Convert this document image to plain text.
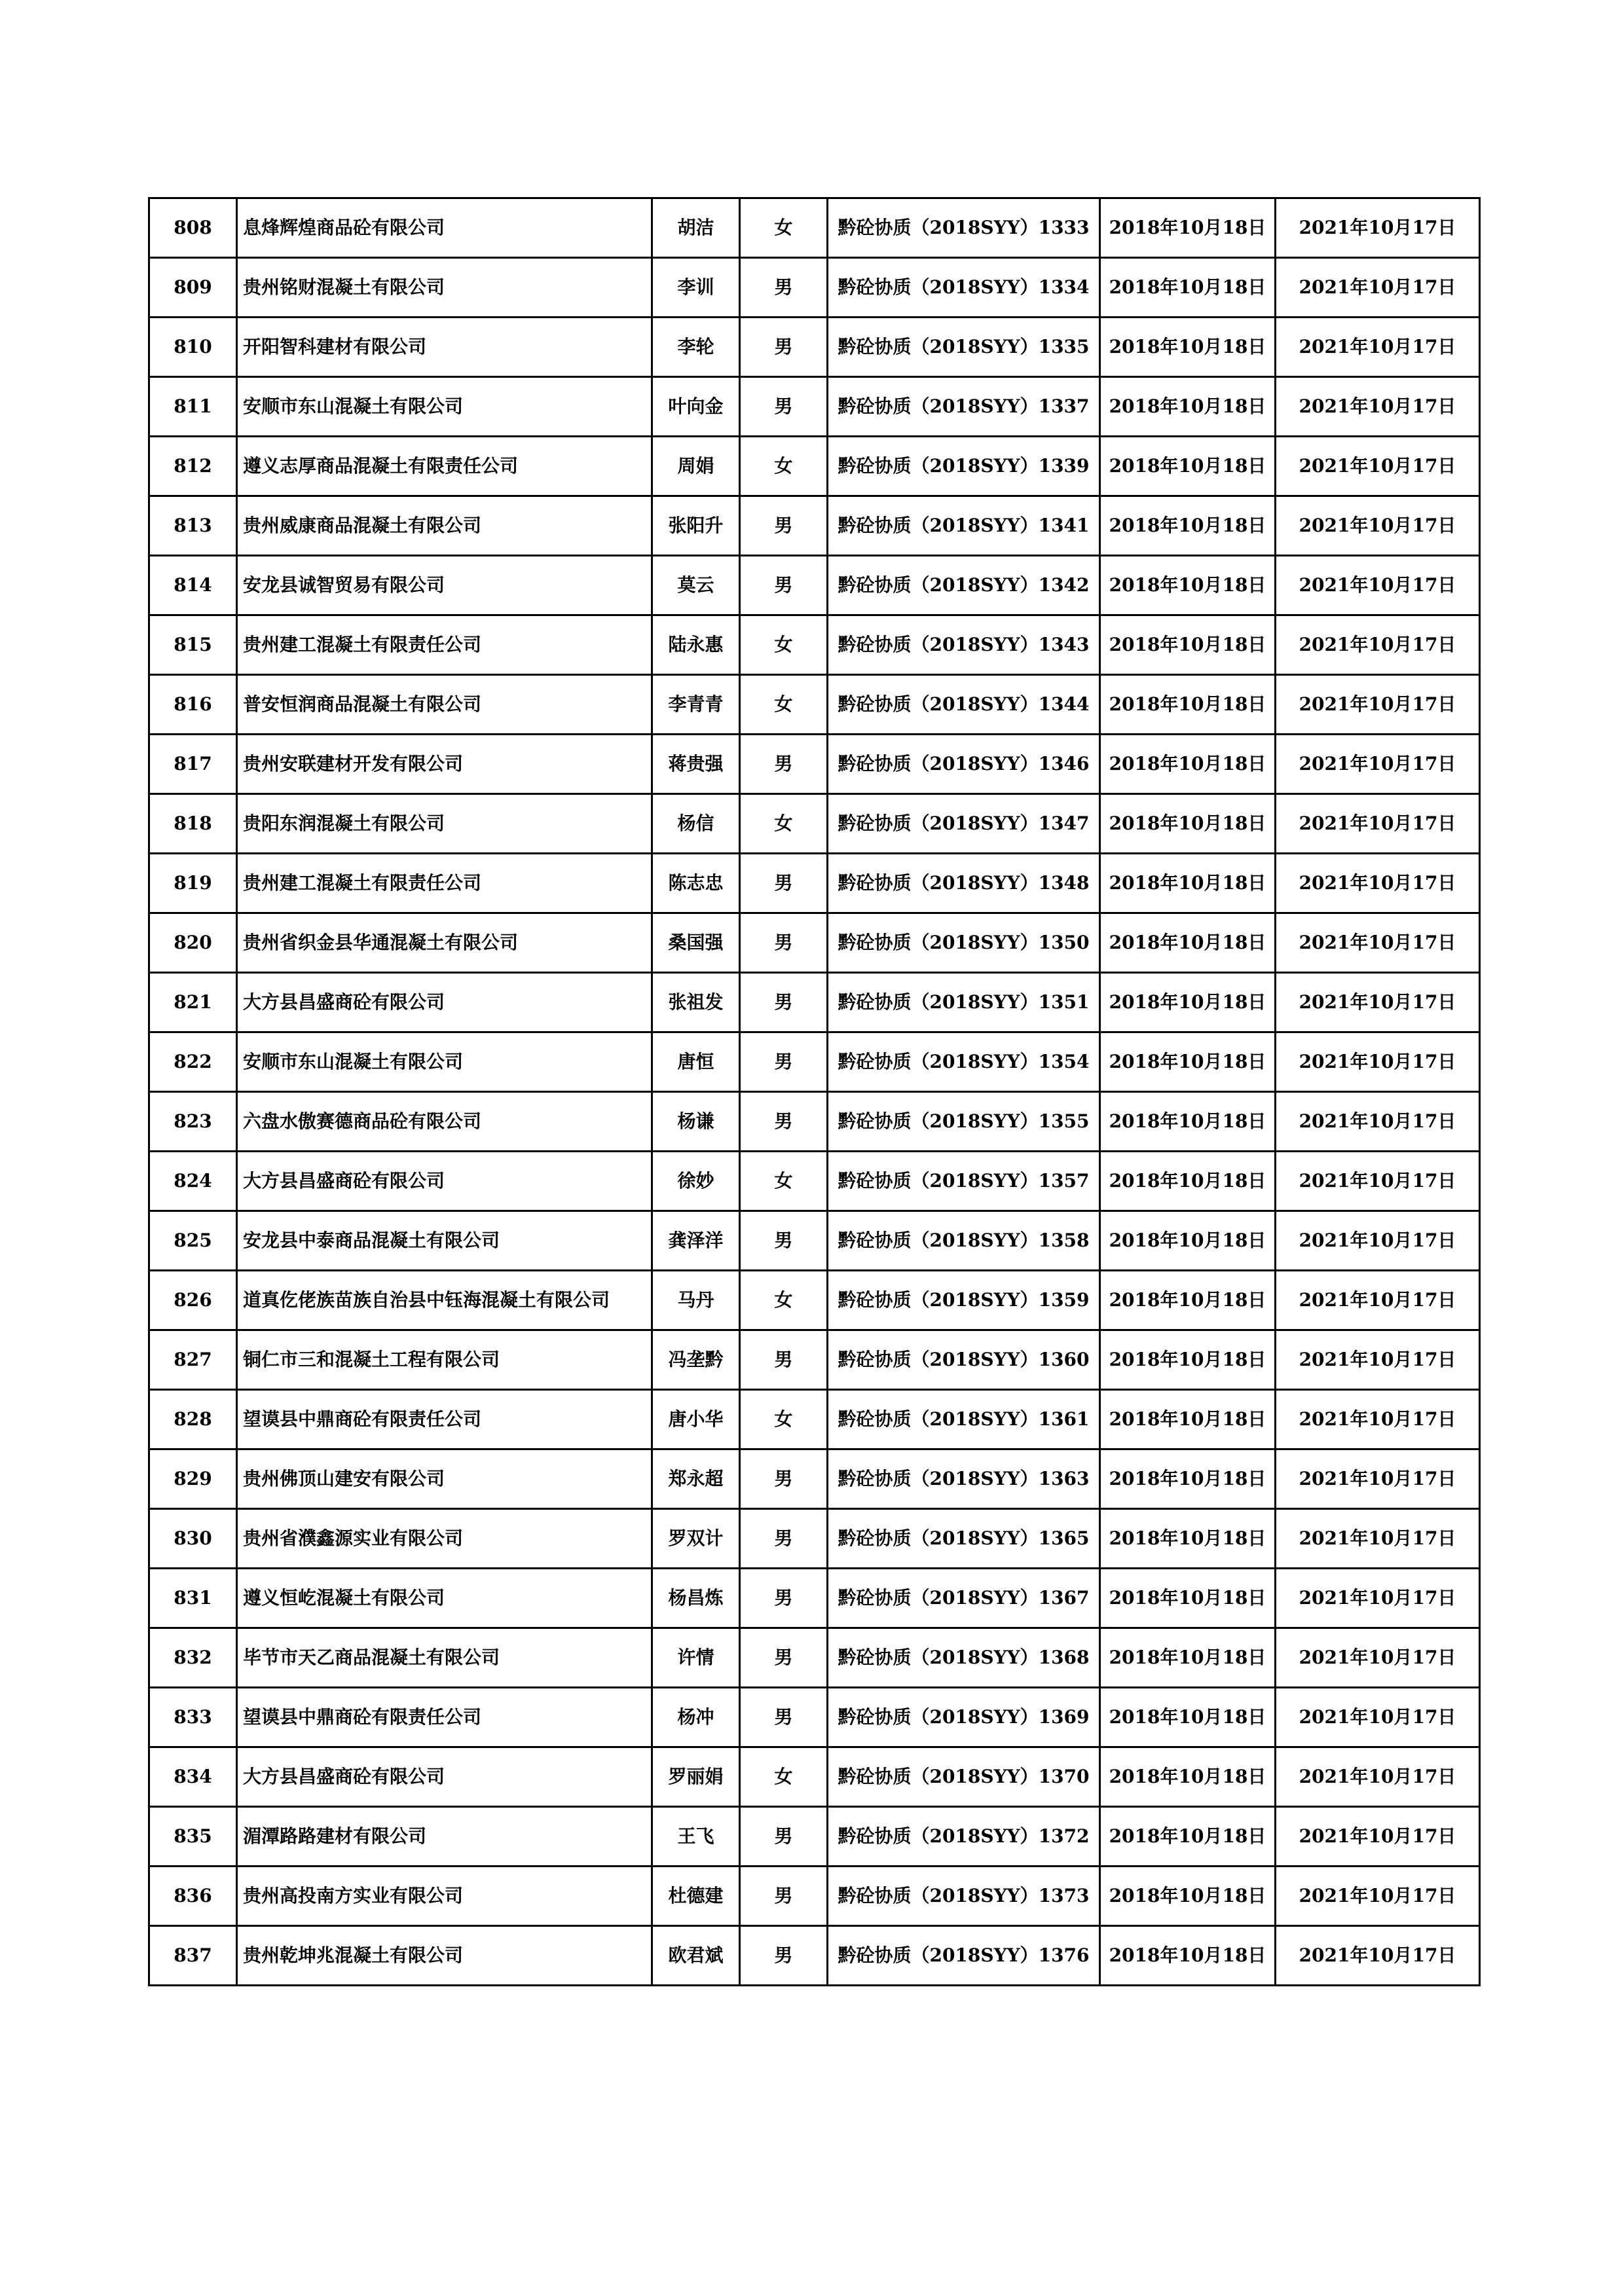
808	息烽辉煌商品砼有限公司	胡洁	女	黔砼协质（2018SYY）1333	2018年10月18日	2021年10月17日
809	贵州铭财混凝土有限公司	李训	男	黔砼协质（2018SYY）1334	2018年10月18日	2021年10月17日
810	开阳智科建材有限公司	李轮	男	黔砼协质（2018SYY）1335	2018年10月18日	2021年10月17日
811	安顺市东山混凝土有限公司	叶向金	男	黔砼协质（2018SYY）1337	2018年10月18日	2021年10月17日
812	遵义志厚商品混凝土有限责任公司	周娟	女	黔砼协质（2018SYY）1339	2018年10月18日	2021年10月17日
813	贵州威康商品混凝土有限公司	张阳升	男	黔砼协质（2018SYY）1341	2018年10月18日	2021年10月17日
814	安龙县诚智贸易有限公司	莫云	男	黔砼协质（2018SYY）1342	2018年10月18日	2021年10月17日
815	贵州建工混凝土有限责任公司	陆永惠	女	黔砼协质（2018SYY）1343	2018年10月18日	2021年10月17日
816	普安恒润商品混凝土有限公司	李青青	女	黔砼协质（2018SYY）1344	2018年10月18日	2021年10月17日
817	贵州安联建材开发有限公司	蒋贵强	男	黔砼协质（2018SYY）1346	2018年10月18日	2021年10月17日
818	贵阳东润混凝土有限公司	杨信	女	黔砼协质（2018SYY）1347	2018年10月18日	2021年10月17日
819	贵州建工混凝土有限责任公司	陈志忠	男	黔砼协质（2018SYY）1348	2018年10月18日	2021年10月17日
820	贵州省织金县华通混凝土有限公司	桑国强	男	黔砼协质（2018SYY）1350	2018年10月18日	2021年10月17日
821	大方县昌盛商砼有限公司	张祖发	男	黔砼协质（2018SYY）1351	2018年10月18日	2021年10月17日
822	安顺市东山混凝土有限公司	唐恒	男	黔砼协质（2018SYY）1354	2018年10月18日	2021年10月17日
823	六盘水傲赛德商品砼有限公司	杨谦	男	黔砼协质（2018SYY）1355	2018年10月18日	2021年10月17日
824	大方县昌盛商砼有限公司	徐妙	女	黔砼协质（2018SYY）1357	2018年10月18日	2021年10月17日
825	安龙县中泰商品混凝土有限公司	龚泽洋	男	黔砼协质（2018SYY）1358	2018年10月18日	2021年10月17日
826	道真仡佬族苗族自治县中钰海混凝土有限公司	马丹	女	黔砼协质（2018SYY）1359	2018年10月18日	2021年10月17日
827	铜仁市三和混凝土工程有限公司	冯垄黔	男	黔砼协质（2018SYY）1360	2018年10月18日	2021年10月17日
828	望谟县中鼎商砼有限责任公司	唐小华	女	黔砼协质（2018SYY）1361	2018年10月18日	2021年10月17日
829	贵州佛顶山建安有限公司	郑永超	男	黔砼协质（2018SYY）1363	2018年10月18日	2021年10月17日
830	贵州省濮鑫源实业有限公司	罗双计	男	黔砼协质（2018SYY）1365	2018年10月18日	2021年10月17日
831	遵义恒屹混凝土有限公司	杨昌炼	男	黔砼协质（2018SYY）1367	2018年10月18日	2021年10月17日
832	毕节市天乙商品混凝土有限公司	许情	男	黔砼协质（2018SYY）1368	2018年10月18日	2021年10月17日
833	望谟县中鼎商砼有限责任公司	杨冲	男	黔砼协质（2018SYY）1369	2018年10月18日	2021年10月17日
834	大方县昌盛商砼有限公司	罗丽娟	女	黔砼协质（2018SYY）1370	2018年10月18日	2021年10月17日
835	湄潭路路建材有限公司	王飞	男	黔砼协质（2018SYY）1372	2018年10月18日	2021年10月17日
836	贵州高投南方实业有限公司	杜德建	男	黔砼协质（2018SYY）1373	2018年10月18日	2021年10月17日
837	贵州乾坤兆混凝土有限公司	欧君斌	男	黔砼协质（2018SYY）1376	2018年10月18日	2021年10月17日
